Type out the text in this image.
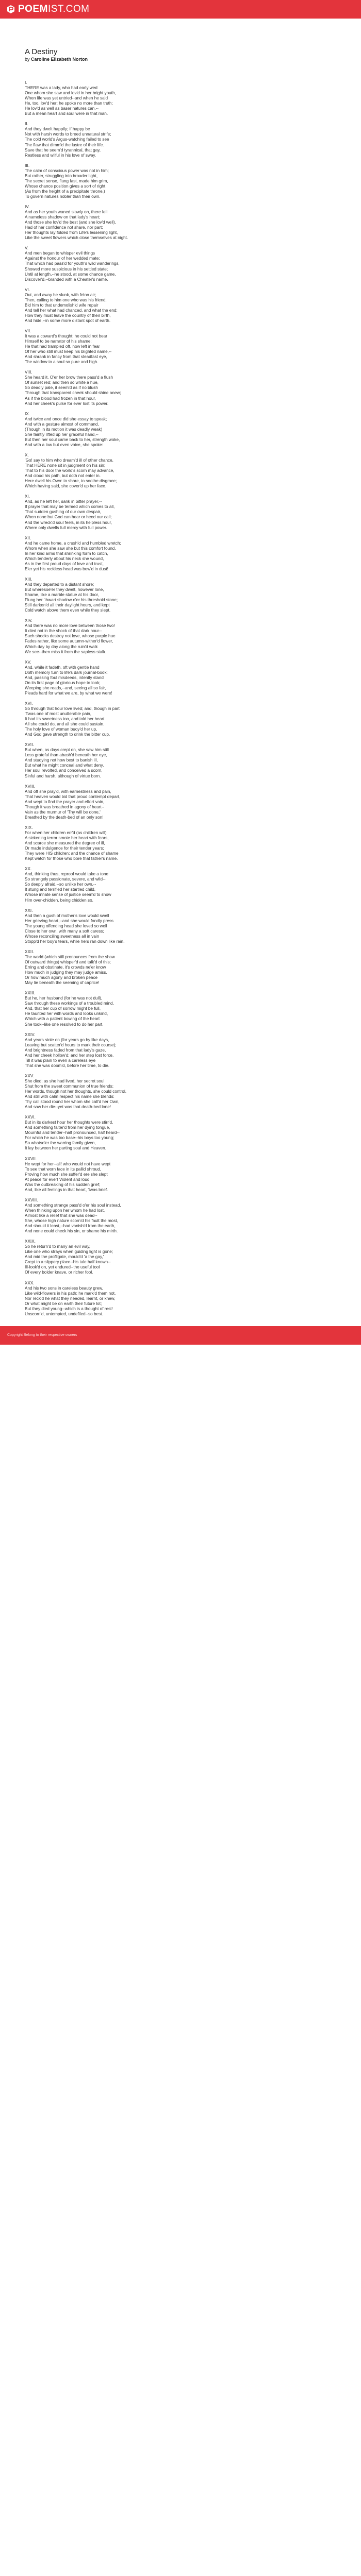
POEM IST.COM
A Destiny
by Caroline Elizabeth Norton
I.
THERE was a lady, who had early wed
One whom she saw and lov'd in her bright youth,
When life was yet untried--and when he said
He, too, lov'd her; he spoke no more than truth;
He lov'd as well as baser natures can,--
But a mean heart and soul were in that man.
II.
And they dwelt happily; if happy be
Not with harsh words to breed unnatural strife;
The cold world's Argus-watching failed to see
The flaw that dimm'd the lustre of their life.
Save that he seem'd tyrannical, that gay,
Restless and wilful in his love of sway.
III.
The calm of conscious power was not in him;
But rather, struggling into broader light,
The secret sense, flung fast, made him grim,
Whose chance position gives a sort of right
(As from the height of a precipitate throne,)
To govern natures nobler than their own.
IV.
And as her youth waned slowly on, there fell
A nameless shadow on that lady's heart;
And those she lov'd the best (and she lov'd well),
Had of her confidence not share, nor part;
Her thoughts lay folded from Life's lessening light,
Like the sweet flowers which close themselves at night.
V.
And men began to whisper evil things
Against the honour of her wedded mate;
That which had pass'd for youth's wild wanderings,
Showed more suspicious in his settled state;
Until at length,--he stood, at some chance game,
Discover'd,--branded with a Cheater's name.
VI.
Out, and away he slunk, with felon air;
Then, calling to him one who was his friend,
Bid him to that undemolish'd wife repair
And tell her what had chanced, and what the end;
How they must leave the country of their birth,
And hide,--in some more distant spot of earth.
VII.
It was a coward's thought: he could not bear
Himself to be narrator of his shame;
He that had trampled oft, now left in fear
Of her who still must keep his blighted name,--
And shrank in fancy from that steadfast eye,
The window to a soul so pure and high.
VIII.
She heard it. O'er her brow there pass'd a flush
Of sunset red; and then so white a hue,
So deadly pale, it seem'd as if no blush
Through that transparent cheek should shine anew;
As if the blood had frozen in that hour,
And her cheek's pulse for ever lost its power.
IX.
And twice and once did she essay to speak;
And with a gesture almost of command,
(Though in its motion it was deadly weak)
She faintly lifted up her graceful hand,--
But then her soul came back to her, strength woke,
And with a low but even voice, she spoke:
X.
'Go! say to him who dream'd ill of other chance,
That HERE none sit in judgment on his sin;
That to his door the world's scorn may advance,
And cloud his path, but doth not enter in.
Here dwell his Own: to share, to soothe disgrace;
Which having said, she cover'd up her face.
XI.
And, as he left her, sank in bitter prayer,--
If prayer that may be termed which comes to all,
That sudden gushing of our own despair,
When none but God can hear or heed our call;
And the wreck'd soul feels, in its helpless hour,
Where only dwells full mercy with full power.
XII.
And he came home, a crush'd and humbled wretch;
Whom when she saw she but this comfort found,
In her kind arms that shrinking form to catch,
Which tenderly about his neck she wound,
As in the first proud days of love and trust,
E'er yet his reckless head was bow'd in dust!
XIII.
And they departed to a distant shore;
But wheresoe'er they dwelt, however lone,
Shame, like a marble statue at his door,
Flung her 'thwart shadow o'er his threshold stone;
Still darken'd all their daylight hours, and kept
Cold watch above them even while they slept.
XIV.
And there was no more love between those two!
It died not in the shock of that dark hour--
Such shocks destroy not love, whose purple hue
Fades rather, like some autumn-wither'd flower,
Which day by day along the ruin'd walk
We see--then miss it from the sapless stalk.
XV.
And, while it fadeth, oft with gentle hand
Doth memory turn to life's dark journal-book;
And, passing foul misdeeds, intently stand
On its first page of glorious hope to look;
Weeping she reads,--and, seeing all so fair,
Pleads hard for what we are, by what we were!
XVI.
So through that hour love lived; and, though in part
'Twas one of most unutterable pain,
It had its sweetness too, and told her heart
All she could do, and all she could sustain.
The holy love of woman buoy'd her up,
And God gave strength to drink the bitter cup.
XVII.
But when, as days crept on, she saw him still
Less grateful than abash'd beneath her eye,
And studying not how best to banish ill,
But what he might conceal and what deny,
Her soul revolted, and conceived a scorn,
Sinful and harsh, although of virtue born.
XVIII.
And oft she pray'd, with earnestness and pain,
That heaven would bid that proud contempt depart,
And wept to find the prayer and effort vain,
Though it was breathed in agony of heart--
Vain as the murmur of 'Thy will be done,'
Breathed by the death-bed of an only son!
XIX.
For when her children err'd (as children will)
A sickening terror smote her heart with fears,
And scarce she measured the degree of ill,
Or made indulgence for their tender years;
They were HIS children; and the chance of shame
Kept watch for those who bore that father's name.
XX.
And, thinking thus, reproof would take a tone
So strangely passionate, severe, and wild--
So deeply afraid,--so unlike her own,--
It stung and terrified her startled child,
Whose innate sense of justice seem'd to show
Him over-chidden, being chidden so.
XXI.
And then a gush of mother's love would swell
Her grieving heart,--and she would fondly press
The young offending head she loved so well
Close to her own, with many a soft caress;
Whose reconciling sweetness all in vain
Stopp'd her boy's tears, while hers ran down like rain.
XXII.
The world (which still pronounces from the show
Of outward things) whisper'd and talk'd of this;
Erring and obstinate, it's crowds ne'er know
How much in judging they may judge amiss,
Or how much agony and broken peace
May lie beneath the seeming of caprice!
XXIII.
But he, her husband (for he was not dull),
Saw through these workings of a troubled mind,
And, that her cup of sorrow might be full,
He taunted her with words and looks unkind,
Which with a patient bowing of the heart
She took--like one resolved to do her part.
XXIV.
And years stole on (for years go by like days,
Leaving but scatter'd hours to mark their course);
And brightness faded from that lady's gaze,
And her cheek hollow'd; and her step lost force,
Till it was plain to even a careless eye
That she was doom'd, before her time, to die.
XXV.
She died; as she had lived, her secret soul
Shut from the sweet communion of true friends;
Her words, though not her thoughts, she could control,
And still with calm respect his name she blends:
Thy call stood round her whom she call'd her Own,
And saw her die--yet was that death-bed lone!
XXVI.
But in its darkest hour her thoughts were stirr'd,
And something falter'd from her dying tongue,
Mournful and tender--half pronounced, half heard--
For which he was too base--his boys too young;
So whatso'er the warring family given,
It lay between her parting soul and Heaven.
XXVII.
He wept for her--all! who would not have wept
To see that worn face in its pallid shroud,
Proving how much she suffer'd ere she slept
At peace for ever! Violent and loud
Was the outbreaking of his sudden grief;
And, like all feelings in that heart, 'twas brief.
XXVIII.
And something strange pass'd o'er his soul instead,
When thinking upon her whom he had lost,
Almost like a relief that she was dead--
She, whose high nature scorn'd his fault the most,
And should it least,--had vanish'd from the earth,
And none could check his sin, or shame his mirth.
XXIX.
So he return'd to many an evil way,
Like one who strays when guiding light is gone;
And mid the profligate, mould'd 'a the gay,'
Crept to a slippery place--his tale half known--
Ill-look'd on, yet endured--the useful tool
Of every bolder knave, or richer fool.
XXX.
And his two sons in careless beauty grew,
Like wild-flowers in his path: he mark'd them not,
Nor reck'd he what they needed, learnt, or knew,
Or what might be on earth their future lot;
But they died young--which is a thought of rest!
Unscorn'd, untempted, undefiled--so best.
Copyright Belong to their respective owners
